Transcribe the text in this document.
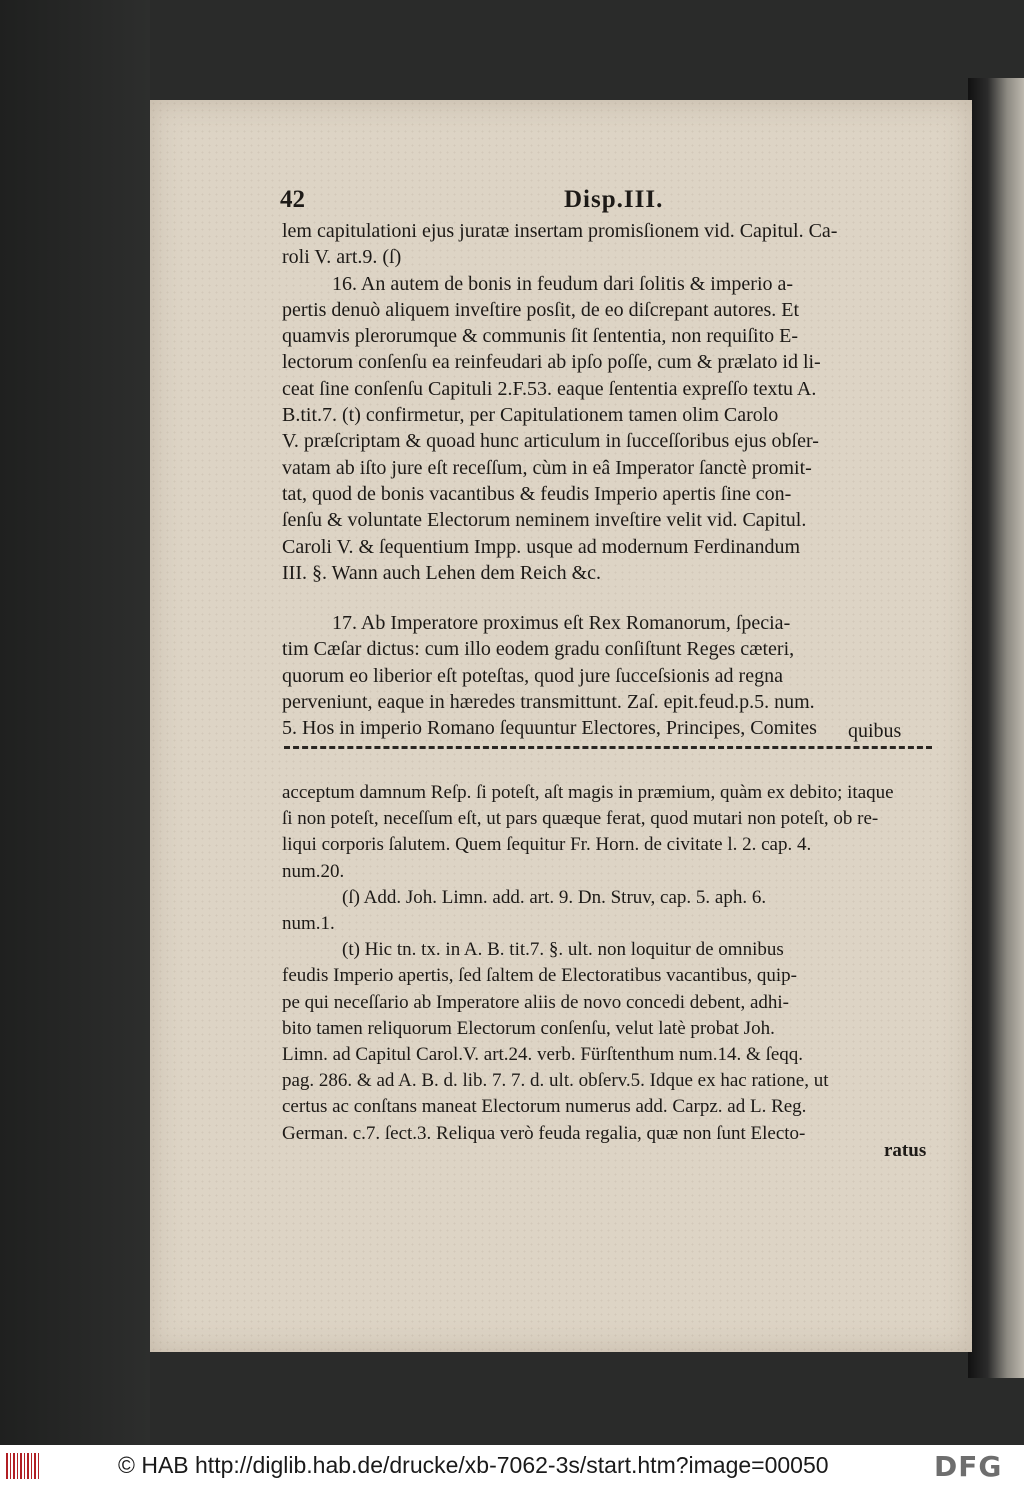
42	Disp.III.
lem capitulationi ejus juratæ insertam promisſionem vid. Capitul. Ca-
roli V. art.9. (ſ)
16. An autem de bonis in feudum dari ſolitis & imperio a-
pertis denuò aliquem inveſtire posſit, de eo diſcrepant autores. Et
quamvis plerorumque & communis ſit ſententia, non requiſito E-
lectorum conſenſu ea reinfeudari ab ipſo poſſe, cum & prælato id li-
ceat ſine conſenſu Capituli 2.F.53. eaque ſententia expreſſo textu A.
B.tit.7. (t) confirmetur, per Capitulationem tamen olim Carolo
V. præſcriptam & quoad hunc articulum in ſucceſſoribus ejus obſer-
vatam ab iſto jure eſt receſſum, cùm in eâ Imperator ſanctè promit-
tat, quod de bonis vacantibus & feudis Imperio apertis ſine con-
ſenſu & voluntate Electorum neminem inveſtire velit vid. Capitul.
Caroli V. & ſequentium Impp. usque ad modernum Ferdinandum
III. §. Wann auch Lehen dem Reich &c.
17. Ab Imperatore proximus eſt Rex Romanorum, ſpecia-
tim Cæſar dictus: cum illo eodem gradu conſiſtunt Reges cæteri,
quorum eo liberior eſt poteſtas, quod jure ſucceſsionis ad regna
perveniunt, eaque in hæredes transmittunt. Zaſ. epit.feud.p.5. num.
5. Hos in imperio Romano ſequuntur Electores, Principes, Comites	quibus
acceptum damnum Reſp. ſi poteſt, aſt magis in præmium, quàm ex debito; itaque
ſi non poteſt, neceſſum eſt, ut pars quæque ferat, quod mutari non poteſt, ob re-
liqui corporis ſalutem. Quem ſequitur Fr. Horn. de civitate l. 2. cap. 4.
num.20.
(ſ) Add. Joh. Limn. add. art. 9. Dn. Struv, cap. 5. aph. 6.
num.1.
(t) Hic tn. tx. in A. B. tit.7. §. ult. non loquitur de omnibus
feudis Imperio apertis, ſed ſaltem de Electoratibus vacantibus, quip-
pe qui neceſſario ab Imperatore aliis de novo concedi debent, adhi-
bito tamen reliquorum Electorum conſenſu, velut latè probat Joh.
Limn. ad Capitul Carol.V. art.24. verb. Fürſtenthum num.14. & ſeqq.
pag. 286. & ad A. B. d. lib. 7. 7. d. ult. obſerv.5. Idque ex hac ratione, ut
certus ac conſtans maneat Electorum numerus add. Carpz. ad L. Reg.
German. c.7. ſect.3. Reliqua verò feuda regalia, quæ non ſunt Electo-
ratus
© HAB http://diglib.hab.de/drucke/xb-7062-3s/start.htm?image=00050	DFG
